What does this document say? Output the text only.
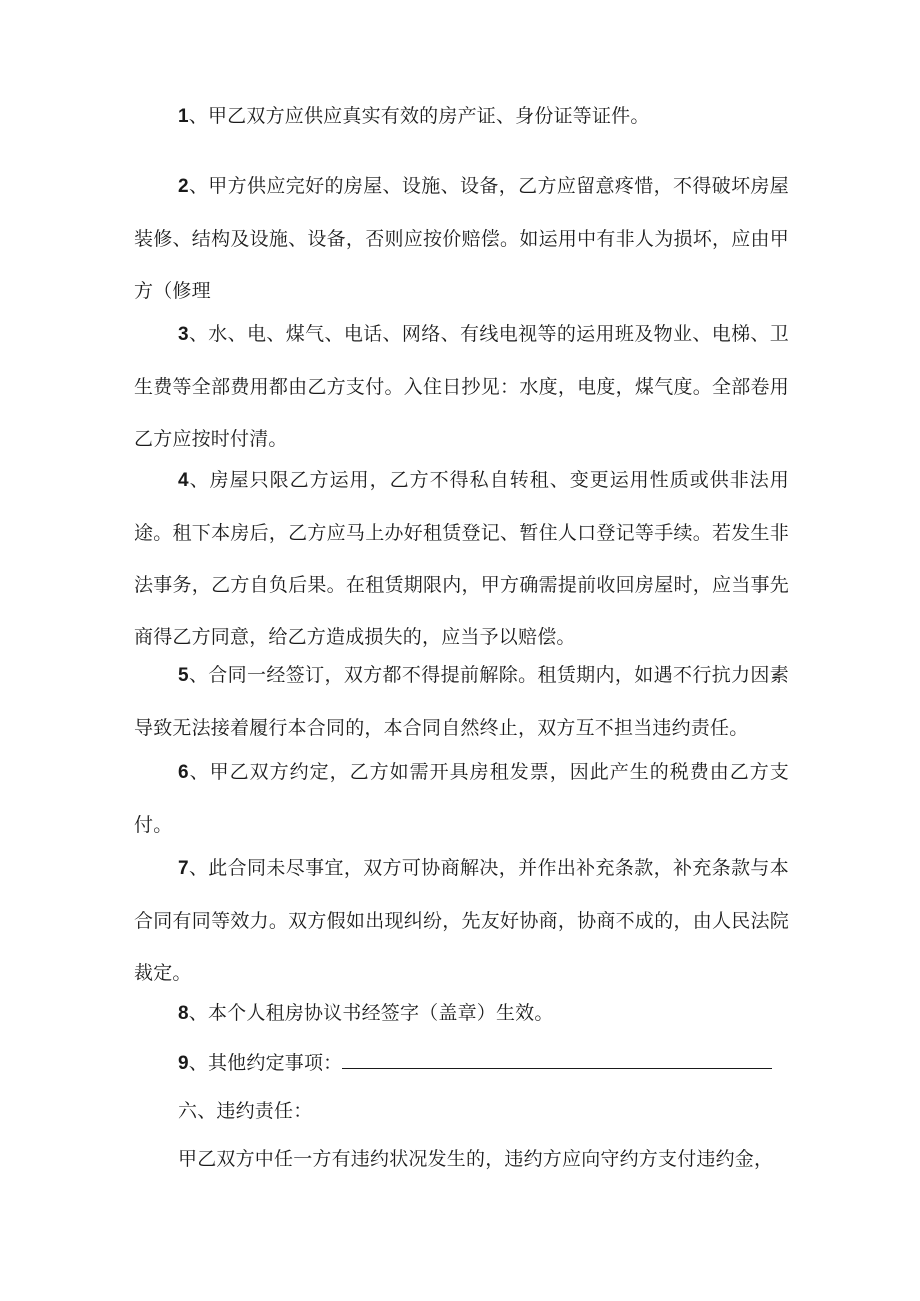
1、甲乙双方应供应真实有效的房产证、身份证等证件。

2、甲方供应完好的房屋、设施、设备，乙方应留意疼惜，不得破坏房屋装修、结构及设施、设备，否则应按价赔偿。如运用中有非人为损坏，应由甲方（修理

3、水、电、煤气、电话、网络、有线电视等的运用班及物业、电梯、卫生费等全部费用都由乙方支付。入住日抄见：水度，电度，煤气度。全部卷用乙方应按时付清。

4、房屋只限乙方运用，乙方不得私自转租、变更运用性质或供非法用途。租下本房后，乙方应马上办好租赁登记、暂住人口登记等手续。若发生非法事务，乙方自负后果。在租赁期限内，甲方确需提前收回房屋时，应当事先商得乙方同意，给乙方造成损失的，应当予以赔偿。

5、合同一经签订，双方都不得提前解除。租赁期内，如遇不行抗力因素导致无法接着履行本合同的，本合同自然终止，双方互不担当违约责任。

6、甲乙双方约定，乙方如需开具房租发票，因此产生的税费由乙方支付。

7、此合同未尽事宜，双方可协商解决，并作出补充条款，补充条款与本合同有同等效力。双方假如出现纠纷，先友好协商，协商不成的，由人民法院裁定。

8、本个人租房协议书经签字（盖章）生效。

9、其他约定事项：

六、违约责任：

甲乙双方中任一方有违约状况发生的，违约方应向守约方支付违约金，
